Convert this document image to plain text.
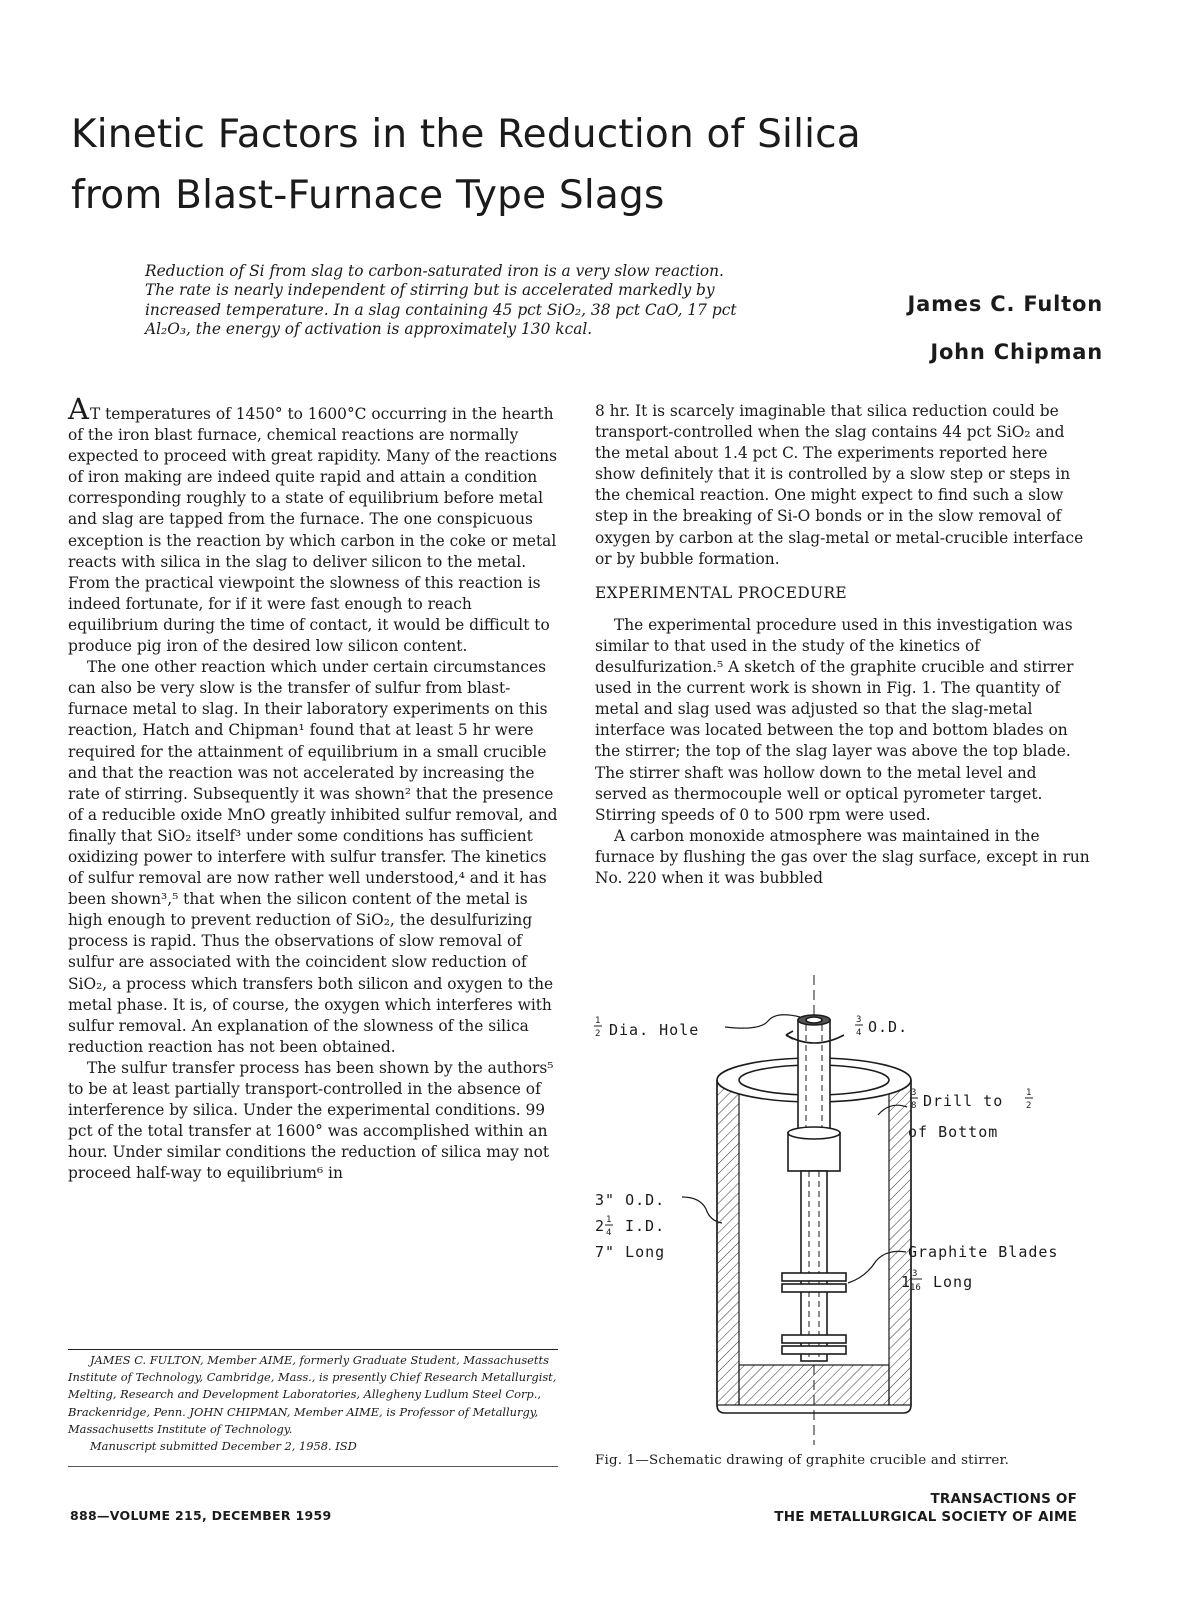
Kinetic Factors in the Reduction of Silica
from Blast-Furnace Type Slags

Reduction of Si from slag to carbon-saturated iron is a very slow reaction. The rate is nearly independent of stirring but is accelerated markedly by increased temperature. In a slag containing 45 pct SiO₂, 38 pct CaO, 17 pct Al₂O₃, the energy of activation is approximately 130 kcal.

James C. Fulton

John Chipman

AT temperatures of 1450° to 1600°C occurring in the hearth of the iron blast furnace, chemical reactions are normally expected to proceed with great rapidity. Many of the reactions of iron making are indeed quite rapid and attain a condition corresponding roughly to a state of equilibrium before metal and slag are tapped from the furnace. The one conspicuous exception is the reaction by which carbon in the coke or metal reacts with silica in the slag to deliver silicon to the metal. From the practical viewpoint the slowness of this reaction is indeed fortunate, for if it were fast enough to reach equilibrium during the time of contact, it would be difficult to produce pig iron of the desired low silicon content.

The one other reaction which under certain circumstances can also be very slow is the transfer of sulfur from blast-furnace metal to slag. In their laboratory experiments on this reaction, Hatch and Chipman¹ found that at least 5 hr were required for the attainment of equilibrium in a small crucible and that the reaction was not accelerated by increasing the rate of stirring. Subsequently it was shown² that the presence of a reducible oxide MnO greatly inhibited sulfur removal, and finally that SiO₂ itself³ under some conditions has sufficient oxidizing power to interfere with sulfur transfer. The kinetics of sulfur removal are now rather well understood,⁴ and it has been shown³,⁵ that when the silicon content of the metal is high enough to prevent reduction of SiO₂, the desulfurizing process is rapid. Thus the observations of slow removal of sulfur are associated with the coincident slow reduction of SiO₂, a process which transfers both silicon and oxygen to the metal phase. It is, of course, the oxygen which interferes with sulfur removal. An explanation of the slowness of the silica reduction reaction has not been obtained.

The sulfur transfer process has been shown by the authors⁵ to be at least partially transport-controlled in the absence of interference by silica. Under the experimental conditions. 99 pct of the total transfer at 1600° was accomplished within an hour. Under similar conditions the reduction of silica may not proceed half-way to equilibrium⁶ in

JAMES C. FULTON, Member AIME, formerly Graduate Student, Massachusetts Institute of Technology, Cambridge, Mass., is presently Chief Research Metallurgist, Melting, Research and Development Laboratories, Allegheny Ludlum Steel Corp., Brackenridge, Penn. JOHN CHIPMAN, Member AIME, is Professor of Metallurgy, Massachusetts Institute of Technology.

Manuscript submitted December 2, 1958. ISD

8 hr. It is scarcely imaginable that silica reduction could be transport-controlled when the slag contains 44 pct SiO₂ and the metal about 1.4 pct C. The experiments reported here show definitely that it is controlled by a slow step or steps in the chemical reaction. One might expect to find such a slow step in the breaking of Si-O bonds or in the slow removal of oxygen by carbon at the slag-metal or metal-crucible interface or by bubble formation.

EXPERIMENTAL PROCEDURE

The experimental procedure used in this investigation was similar to that used in the study of the kinetics of desulfurization.⁵ A sketch of the graphite crucible and stirrer used in the current work is shown in Fig. 1. The quantity of metal and slag used was adjusted so that the slag-metal interface was located between the top and bottom blades on the stirrer; the top of the slag layer was above the top blade. The stirrer shaft was hollow down to the metal level and served as thermocouple well or optical pyrometer target. Stirring speeds of 0 to 500 rpm were used.

A carbon monoxide atmosphere was maintained in the furnace by flushing the gas over the slag surface, except in run No. 220 when it was bubbled

1
2 Dia. Hole
3
4 O.D.
3
8 Drill to	1
2
of Bottom
3" O.D.
2 1
4 I.D.
7" Long	Graphite Blades
1 3
16 Long

Fig. 1—Schematic drawing of graphite crucible and stirrer.

888—VOLUME 215, DECEMBER 1959

TRANSACTIONS OF
THE METALLURGICAL SOCIETY OF AIME
